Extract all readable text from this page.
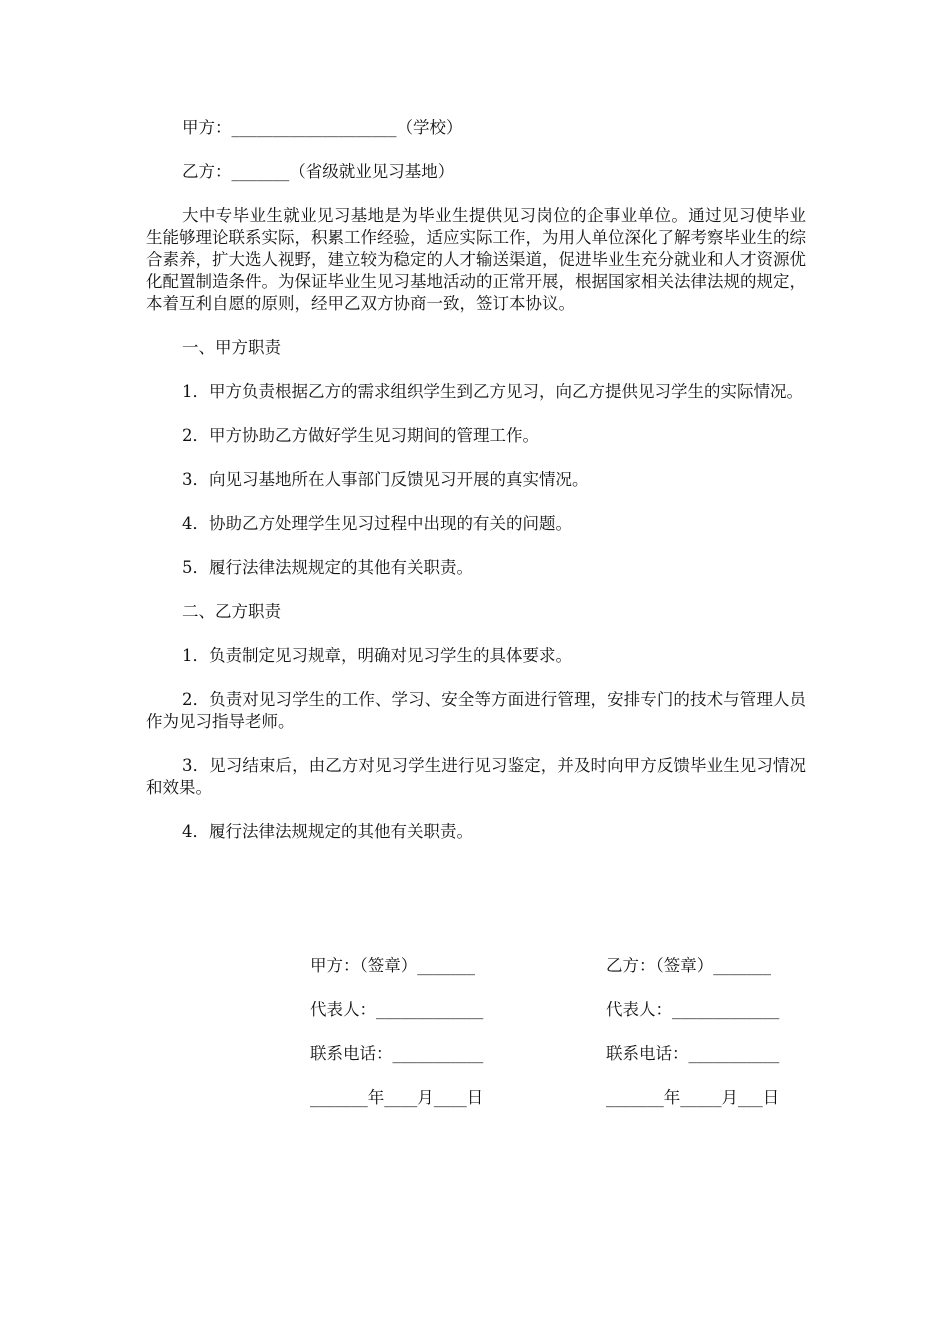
甲方：____________________（学校）

乙方：_______（省级就业见习基地）

大中专毕业生就业见习基地是为毕业生提供见习岗位的企事业单位。通过见习使毕业生能够理论联系实际，积累工作经验，适应实际工作，为用人单位深化了解考察毕业生的综合素养，扩大选人视野，建立较为稳定的人才输送渠道，促进毕业生充分就业和人才资源优化配置制造条件。为保证毕业生见习基地活动的正常开展，根据国家相关法律法规的规定，本着互利自愿的原则，经甲乙双方协商一致，签订本协议。

一、甲方职责

1．甲方负责根据乙方的需求组织学生到乙方见习，向乙方提供见习学生的实际情况。

2．甲方协助乙方做好学生见习期间的管理工作。

3．向见习基地所在人事部门反馈见习开展的真实情况。

4．协助乙方处理学生见习过程中出现的有关的问题。

5．履行法律法规规定的其他有关职责。

二、乙方职责

1．负责制定见习规章，明确对见习学生的具体要求。

2．负责对见习学生的工作、学习、安全等方面进行管理，安排专门的技术与管理人员作为见习指导老师。

3．见习结束后，由乙方对见习学生进行见习鉴定，并及时向甲方反馈毕业生见习情况和效果。

4．履行法律法规规定的其他有关职责。

甲方：（签章）_______
代表人：_____________
联系电话：___________
_______年____月____日
乙方：（签章）_______
代表人：_____________
联系电话：___________
_______年_____月___日
